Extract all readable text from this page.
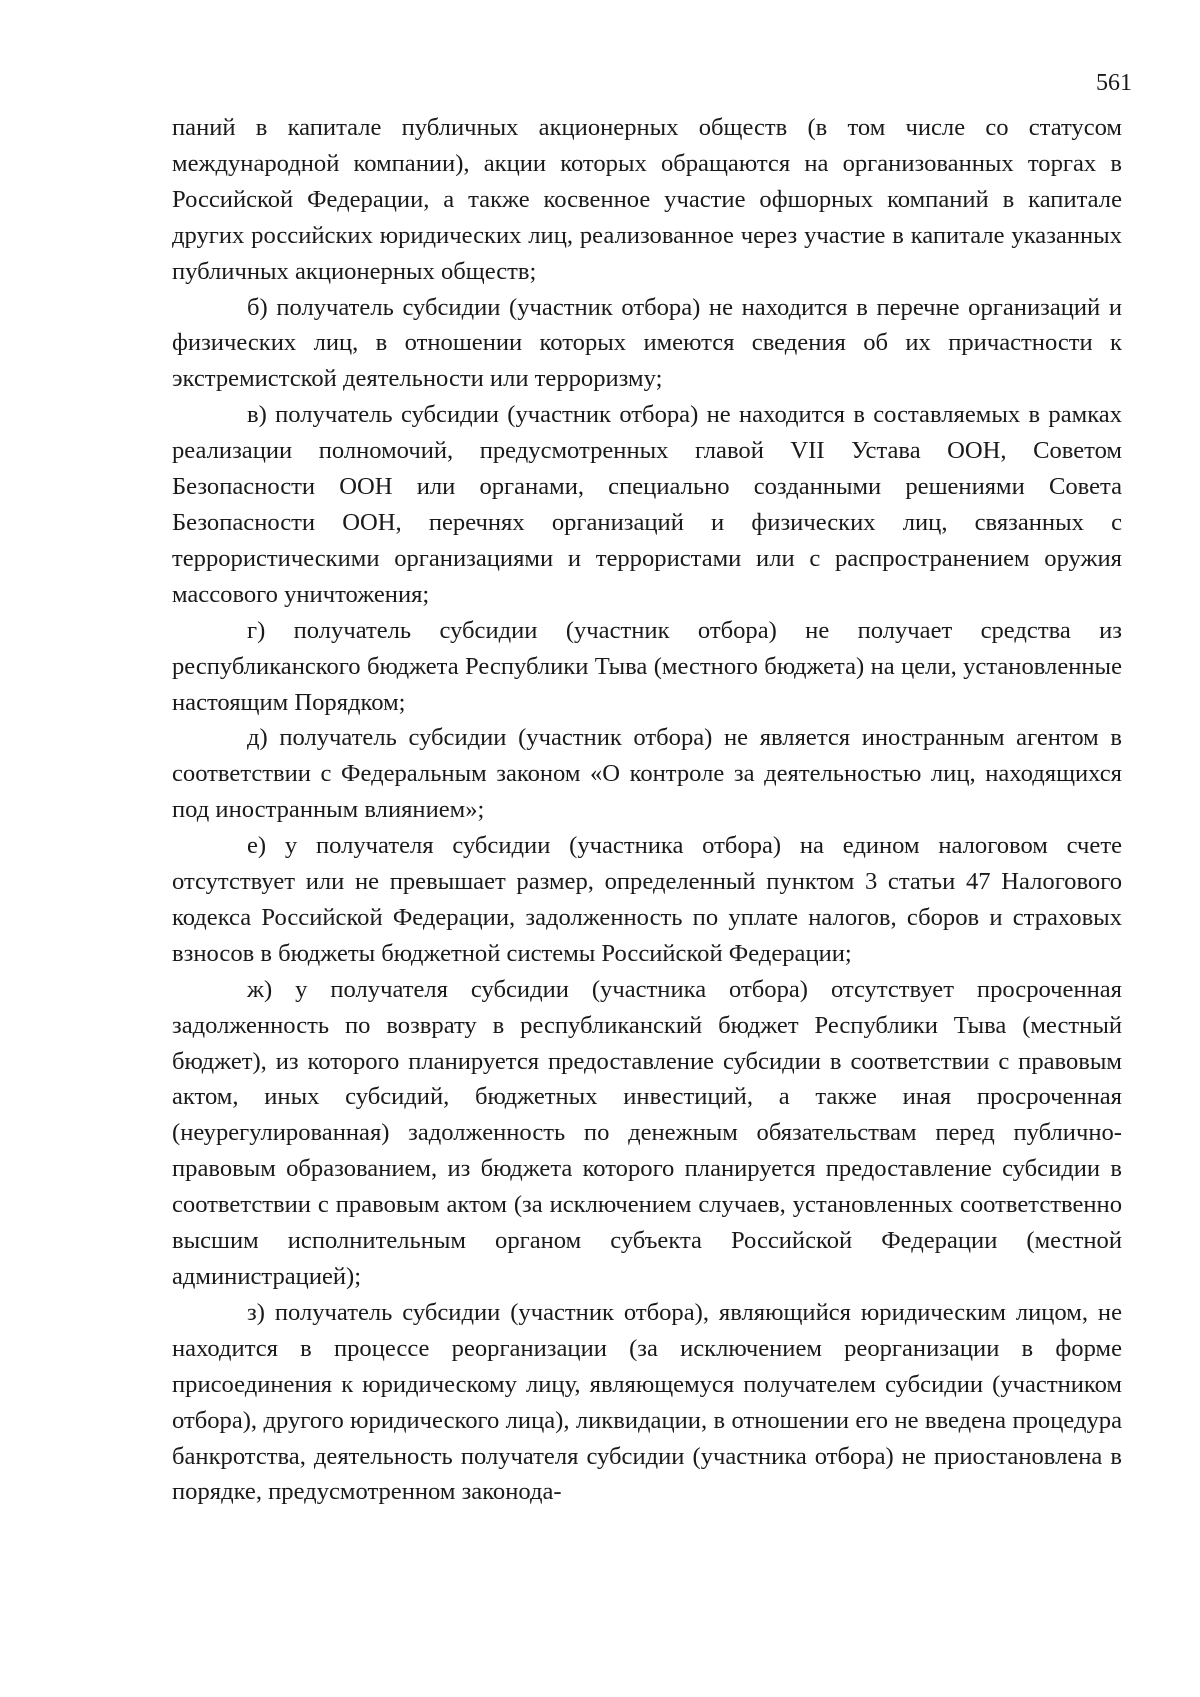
561

паний в капитале публичных акционерных обществ (в том числе со статусом международной компании), акции которых обращаются на организованных торгах в Российской Федерации, а также косвенное участие офшорных компаний в капитале других российских юридических лиц, реализованное через участие в капитале указанных публичных акционерных обществ;

б) получатель субсидии (участник отбора) не находится в перечне организаций и физических лиц, в отношении которых имеются сведения об их причастности к экстремистской деятельности или терроризму;

в) получатель субсидии (участник отбора) не находится в составляемых в рамках реализации полномочий, предусмотренных главой VII Устава ООН, Советом Безопасности ООН или органами, специально созданными решениями Совета Безопасности ООН, перечнях организаций и физических лиц, связанных с террористическими организациями и террористами или с распространением оружия массового уничтожения;

г) получатель субсидии (участник отбора) не получает средства из республиканского бюджета Республики Тыва (местного бюджета) на цели, установленные настоящим Порядком;

д) получатель субсидии (участник отбора) не является иностранным агентом в соответствии с Федеральным законом «О контроле за деятельностью лиц, находящихся под иностранным влиянием»;

е) у получателя субсидии (участника отбора) на едином налоговом счете отсутствует или не превышает размер, определенный пунктом 3 статьи 47 Налогового кодекса Российской Федерации, задолженность по уплате налогов, сборов и страховых взносов в бюджеты бюджетной системы Российской Федерации;

ж) у получателя субсидии (участника отбора) отсутствует просроченная задолженность по возврату в республиканский бюджет Республики Тыва (местный бюджет), из которого планируется предоставление субсидии в соответствии с правовым актом, иных субсидий, бюджетных инвестиций, а также иная просроченная (неурегулированная) задолженность по денежным обязательствам перед публично-правовым образованием, из бюджета которого планируется предоставление субсидии в соответствии с правовым актом (за исключением случаев, установленных соответственно высшим исполнительным органом субъекта Российской Федерации (местной администрацией);

з) получатель субсидии (участник отбора), являющийся юридическим лицом, не находится в процессе реорганизации (за исключением реорганизации в форме присоединения к юридическому лицу, являющемуся получателем субсидии (участником отбора), другого юридического лица), ликвидации, в отношении его не введена процедура банкротства, деятельность получателя субсидии (участника отбора) не приостановлена в порядке, предусмотренном законода-
